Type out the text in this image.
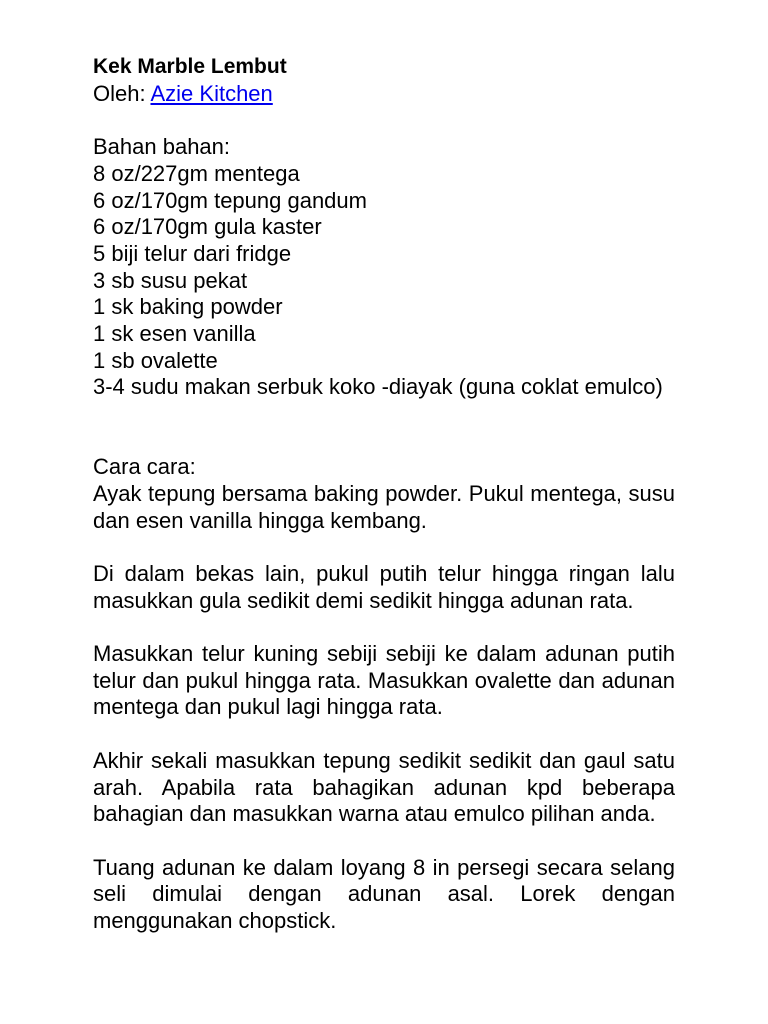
Kek Marble Lembut

Oleh: Azie Kitchen

Bahan bahan:

8 oz/227gm mentega
6 oz/170gm tepung gandum
6 oz/170gm gula kaster
5 biji telur dari fridge
3 sb susu pekat
1 sk baking powder
1 sk esen vanilla
1 sb ovalette
3-4 sudu makan serbuk koko -diayak (guna coklat emulco)

Cara cara:

Ayak tepung bersama baking powder. Pukul mentega, susu dan esen vanilla hingga kembang.

Di dalam bekas lain, pukul putih telur hingga ringan lalu masukkan gula sedikit demi sedikit hingga adunan rata.

Masukkan telur kuning sebiji sebiji ke dalam adunan putih telur dan pukul hingga rata. Masukkan ovalette dan adunan mentega dan pukul lagi hingga rata.

Akhir sekali masukkan tepung sedikit sedikit dan gaul satu arah. Apabila rata bahagikan adunan kpd beberapa bahagian dan masukkan warna atau emulco pilihan anda.

Tuang adunan ke dalam loyang 8 in persegi secara selang seli dimulai dengan adunan asal. Lorek dengan menggunakan chopstick.
